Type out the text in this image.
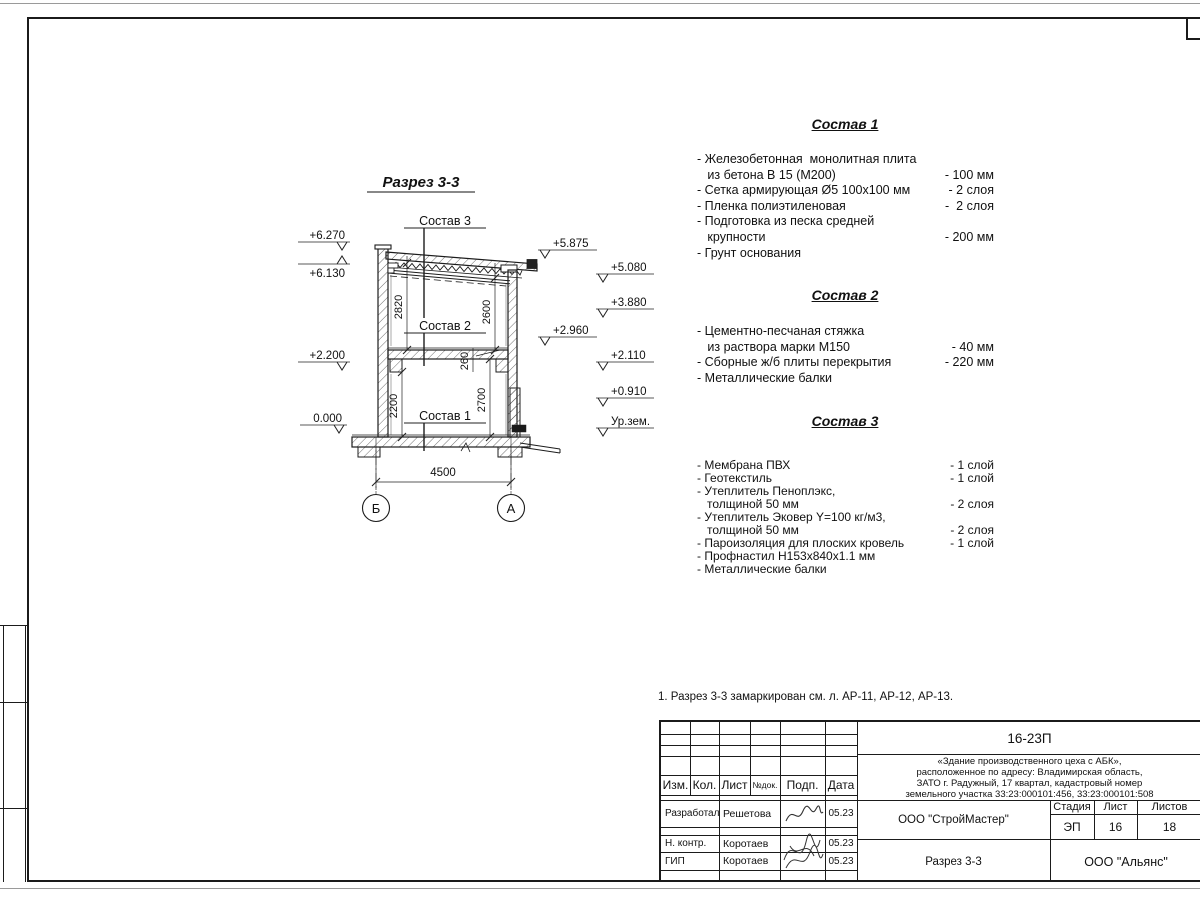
Разрез 3-3
2820	2600
2200
260
2700
4500
Б	А
Состав 3
Состав 2
Состав 1
+6.270
+6.130
+2.200
0.000
+5.875
+2.960
+5.080
+3.880
+2.110
+0.910
Ур.зем.
Состав 1
- Железобетонная  монолитная плита
из бетона В 15 (М200)	- 100 мм
- Сетка армирующая Ø5 100x100 мм	- 2 слоя
- Пленка полиэтиленовая	-  2 слоя
- Подготовка из песка средней
крупности	- 200 мм
- Грунт основания
Состав 2
- Цементно-песчаная стяжка
из раствора марки М150	- 40 мм
- Сборные ж/б плиты перекрытия	- 220 мм
- Металлические балки
Состав 3
- Мембрана ПВХ	- 1 слой
- Геотекстиль	- 1 слой
- Утеплитель Пеноплэкс,
толщиной 50 мм	- 2 слоя
- Утеплитель Эковер Y=100 кг/м3,
толщиной 50 мм	- 2 слоя
- Пароизоляция для плоских кровель	- 1 слой
- Профнастил Н153х840х1.1 мм
- Металлические балки
1. Разрез 3-3 замаркирован см. л. АР-11, АР-12, АР-13.
Изм. Кол. Лист №док. Подп. Дата
Разработал Решетова	05.23
Н. контр.	Коротаев	05.23
ГИП	Коротаев	05.23
16-23П
«Здание производственного цеха с АБК»,
расположенное по адресу: Владимирская область,
ЗАТО г. Радужный, 17 квартал, кадастровый номер
земельного участка 33:23:000101:456, 33:23:000101:508
ООО "СтройМастер"
Стадия	Лист	Листов
ЭП	16	18
Разрез 3-3	ООО "Альянс"
